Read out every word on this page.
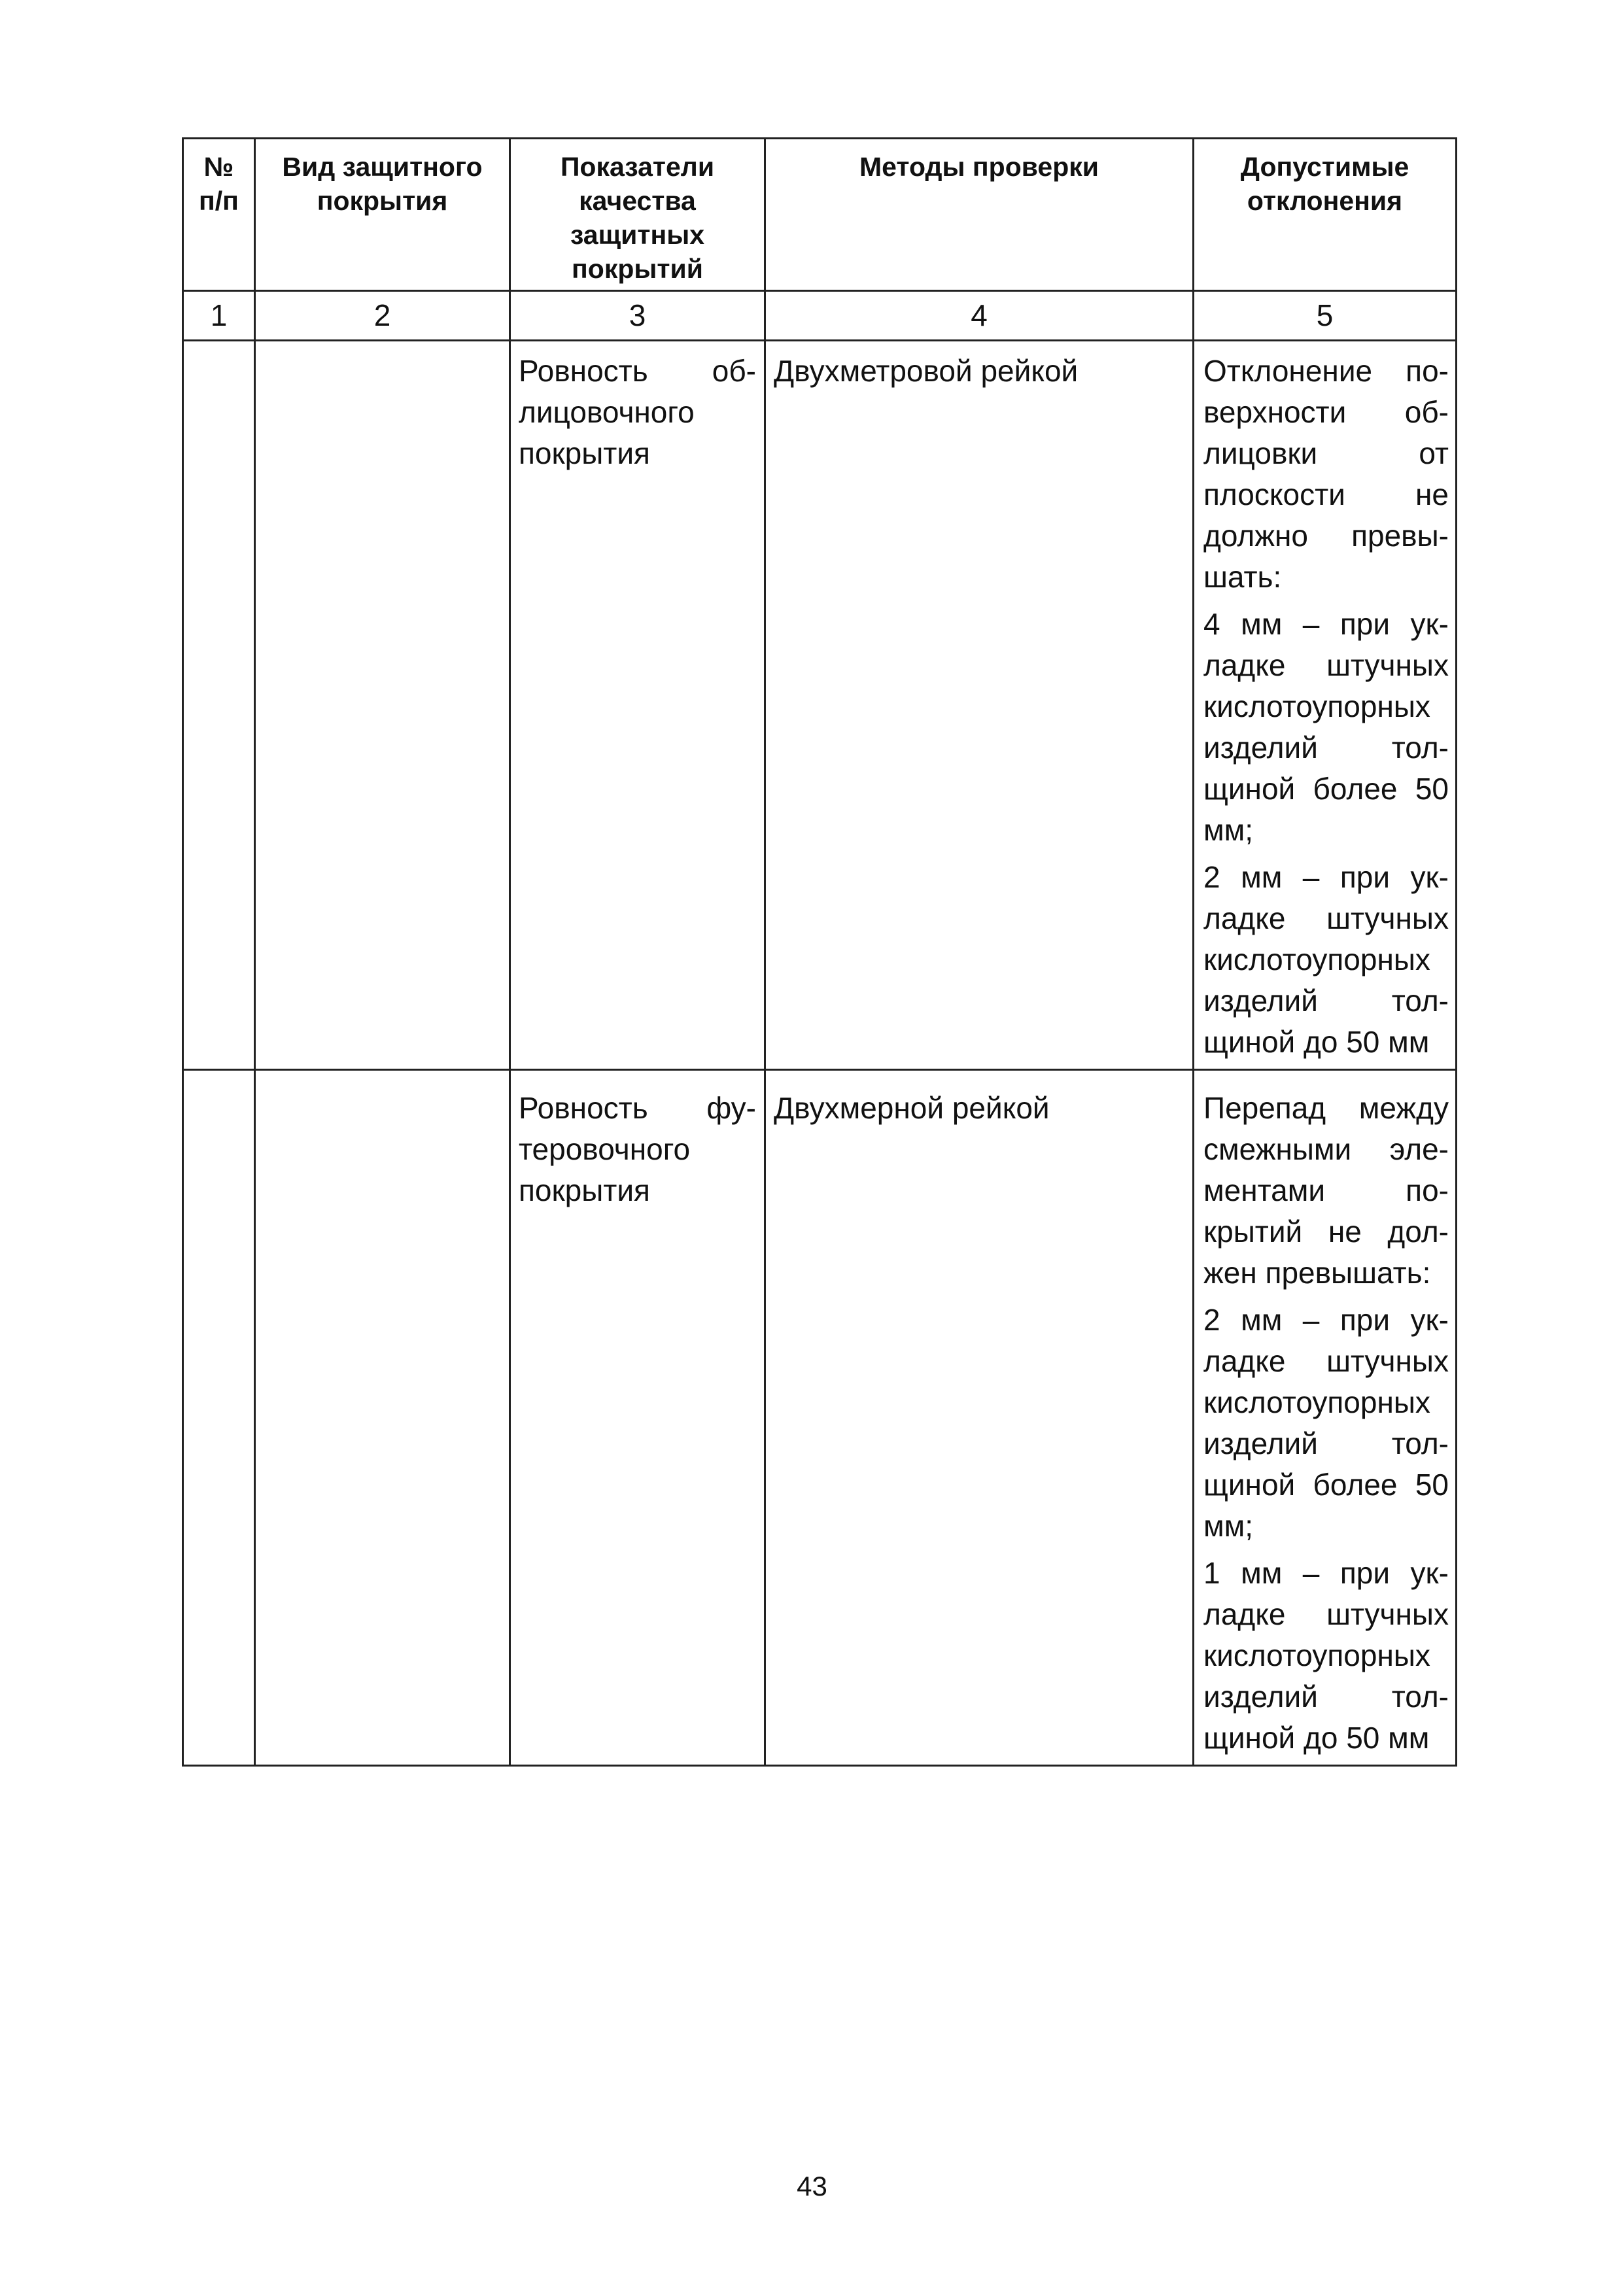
№ п/п	Вид защитного покрытия	Показатели качества защитных покрытий	Методы проверки	Допустимые отклонения
1	2	3	4	5

		Ровность облицовочного покрытия	Двухметровой рейкой	Отклонение поверхности облицовки от плоскости не должно превышать:

4 мм – при укладке штучных кислотоупорных изделий толщиной более 50 мм;

2 мм – при укладке штучных кислотоупорных изделий толщиной до 50 мм

		Ровность футеровочного покрытия	Двухмерной рейкой	Перепад между смежными элементами покрытий не должен превышать:

2 мм – при укладке штучных кислотоупорных изделий толщиной более 50 мм;

1 мм – при укладке штучных кислотоупорных изделий толщиной до 50 мм

43
